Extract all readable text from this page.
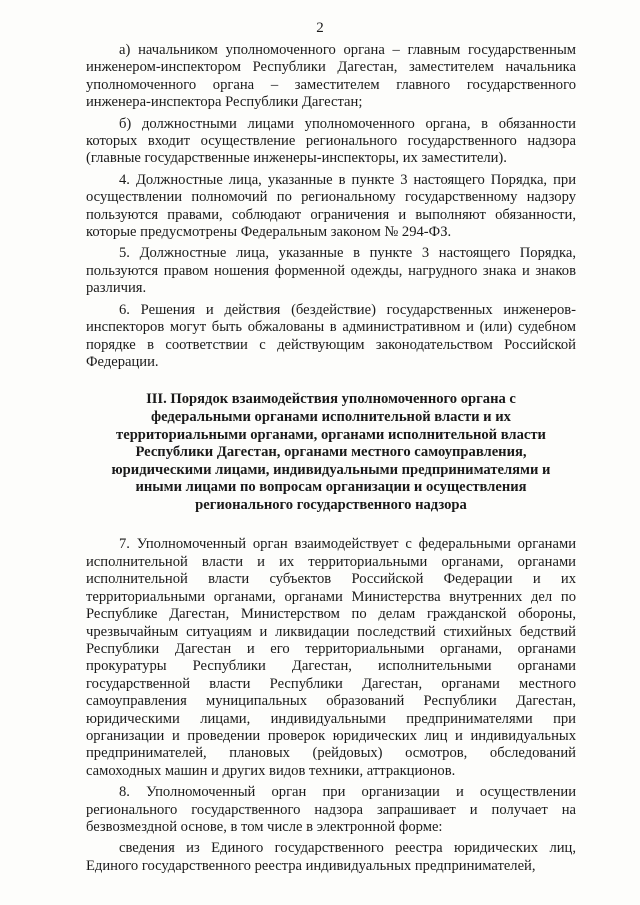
2

а) начальником уполномоченного органа – главным государственным инженером-инспектором Республики Дагестан, заместителем начальника уполномоченного органа – заместителем главного государственного инженера-инспектора Республики Дагестан;

б) должностными лицами уполномоченного органа, в обязанности которых входит осуществление регионального государственного надзора (главные государственные инженеры-инспекторы, их заместители).

4. Должностные лица, указанные в пункте 3 настоящего Порядка, при осуществлении полномочий по региональному государственному надзору пользуются правами, соблюдают ограничения и выполняют обязанности, которые предусмотрены Федеральным законом № 294-ФЗ.

5. Должностные лица, указанные в пункте 3 настоящего Порядка, пользуются правом ношения форменной одежды, нагрудного знака и знаков различия.

6. Решения и действия (бездействие) государственных инженеров-инспекторов могут быть обжалованы в административном и (или) судебном порядке в соответствии с действующим законодательством Российской Федерации.

III. Порядок взаимодействия уполномоченного органа с
федеральными органами исполнительной власти и их
территориальными органами, органами исполнительной власти
Республики Дагестан, органами местного самоуправления,
юридическими лицами, индивидуальными предпринимателями и
иными лицами по вопросам организации и осуществления
регионального государственного надзора

7. Уполномоченный орган взаимодействует с федеральными органами исполнительной власти и их территориальными органами, органами исполнительной власти субъектов Российской Федерации и их территориальными органами, органами Министерства внутренних дел по Республике Дагестан, Министерством по делам гражданской обороны, чрезвычайным ситуациям и ликвидации последствий стихийных бедствий Республики Дагестан и его территориальными органами, органами прокуратуры Республики Дагестан, исполнительными органами государственной власти Республики Дагестан, органами местного самоуправления муниципальных образований Республики Дагестан, юридическими лицами, индивидуальными предпринимателями при организации и проведении проверок юридических лиц и индивидуальных предпринимателей, плановых (рейдовых) осмотров, обследований самоходных машин и других видов техники, аттракционов.

8. Уполномоченный орган при организации и осуществлении регионального государственного надзора запрашивает и получает на безвозмездной основе, в том числе в электронной форме:

сведения из Единого государственного реестра юридических лиц, Единого государственного реестра индивидуальных предпринимателей,
